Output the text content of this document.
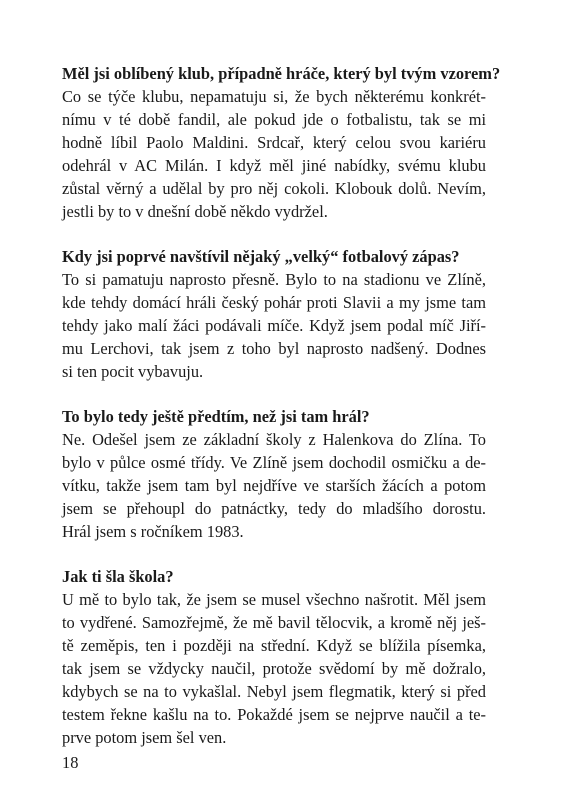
Měl jsi oblíbený klub, případně hráče, který byl tvým vzorem?

Co se týče klubu, nepamatuju si, že bych některému konkrét-
nímu v té době fandil, ale pokud jde o fotbalistu, tak se mi
hodně líbil Paolo Maldini. Srdcař, který celou svou kariéru
odehrál v AC Milán. I když měl jiné nabídky, svému klubu
zůstal věrný a udělal by pro něj cokoli. Klobouk dolů. Nevím,
jestli by to v dnešní době někdo vydržel.

Kdy jsi poprvé navštívil nějaký „velký“ fotbalový zápas?

To si pamatuju naprosto přesně. Bylo to na stadionu ve Zlíně,
kde tehdy domácí hráli český pohár proti Slavii a my jsme tam
tehdy jako malí žáci podávali míče. Když jsem podal míč Jiří-
mu Lerchovi, tak jsem z toho byl naprosto nadšený. Dodnes
si ten pocit vybavuju.

To bylo tedy ještě předtím, než jsi tam hrál?

Ne. Odešel jsem ze základní školy z Halenkova do Zlína. To
bylo v půlce osmé třídy. Ve Zlíně jsem dochodil osmičku a de-
vítku, takže jsem tam byl nejdříve ve starších žácích a potom
jsem se přehoupl do patnáctky, tedy do mladšího dorostu.
Hrál jsem s ročníkem 1983.

Jak ti šla škola?

U mě to bylo tak, že jsem se musel všechno našrotit. Měl jsem
to vydřené. Samozřejmě, že mě bavil tělocvik, a kromě něj ješ-
tě zeměpis, ten i později na střední. Když se blížila písemka,
tak jsem se vždycky naučil, protože svědomí by mě dožralo,
kdybych se na to vykašlal. Nebyl jsem flegmatik, který si před
testem řekne kašlu na to. Pokaždé jsem se nejprve naučil a te-
prve potom jsem šel ven.
18
